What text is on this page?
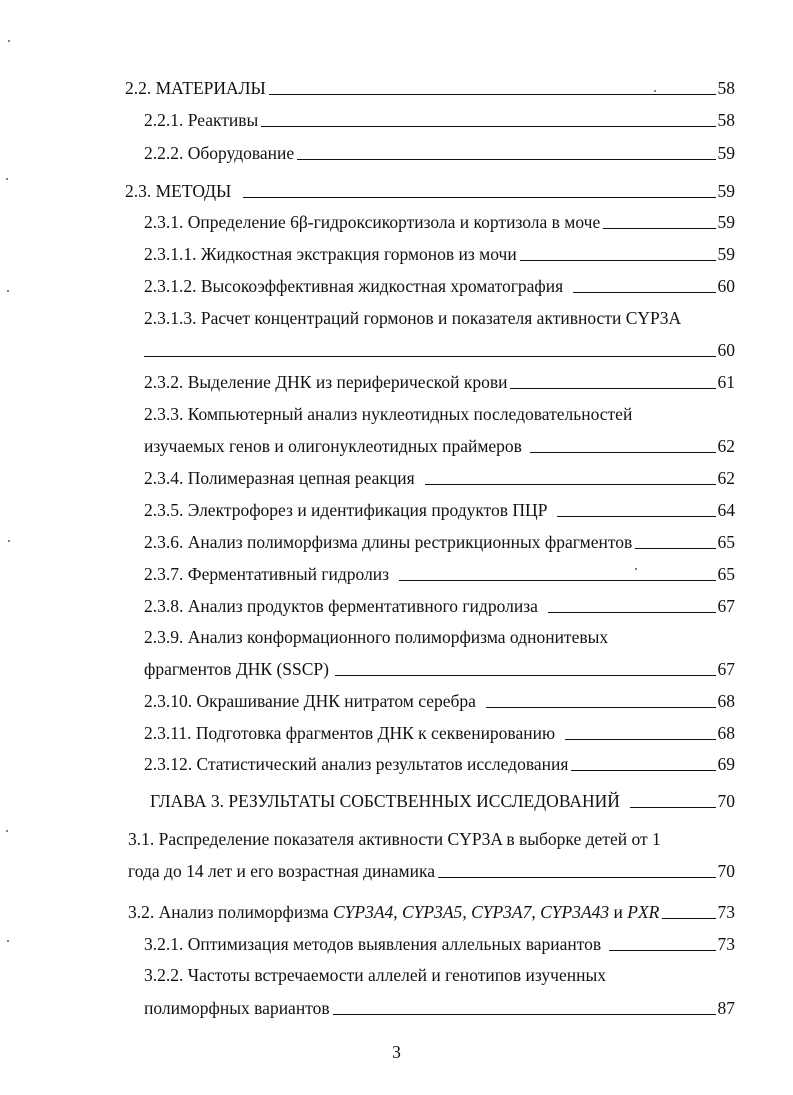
2.2. МАТЕРИАЛЫ	58
2.2.1. Реактивы	58
2.2.2. Оборудование	59
2.3. МЕТОДЫ	59
2.3.1. Определение 6β-гидроксикортизола и кортизола в моче	59
2.3.1.1. Жидкостная экстракция гормонов из мочи	59
2.3.1.2. Высокоэффективная жидкостная хроматография	60
2.3.1.3. Расчет концентраций гормонов и показателя активности CYP3A
60
2.3.2. Выделение ДНК из периферической крови	61
2.3.3. Компьютерный анализ нуклеотидных последовательностей
изучаемых генов и олигонуклеотидных праймеров	62
2.3.4. Полимеразная цепная реакция	62
2.3.5. Электрофорез и идентификация продуктов ПЦР	64
2.3.6. Анализ полиморфизма длины рестрикционных фрагментов	65
2.3.7. Ферментативный гидролиз	65
2.3.8. Анализ продуктов ферментативного гидролиза	67
2.3.9. Анализ конформационного полиморфизма однонитевых
фрагментов ДНК (SSCP)	67
2.3.10. Окрашивание ДНК нитратом серебра	68
2.3.11. Подготовка фрагментов ДНК к секвенированию	68
2.3.12. Статистический анализ результатов исследования	69
ГЛАВА 3. РЕЗУЛЬТАТЫ СОБСТВЕННЫХ ИССЛЕДОВАНИЙ	70
3.1. Распределение показателя активности CYP3A в выборке детей от 1
года до 14 лет и его возрастная динамика	70
3.2. Анализ полиморфизма CYP3A4, CYP3A5, CYP3A7, CYP3A43 и PXR	73
3.2.1. Оптимизация методов выявления аллельных вариантов	73
3.2.2. Частоты встречаемости аллелей и генотипов изученных
полиморфных вариантов	87
3
